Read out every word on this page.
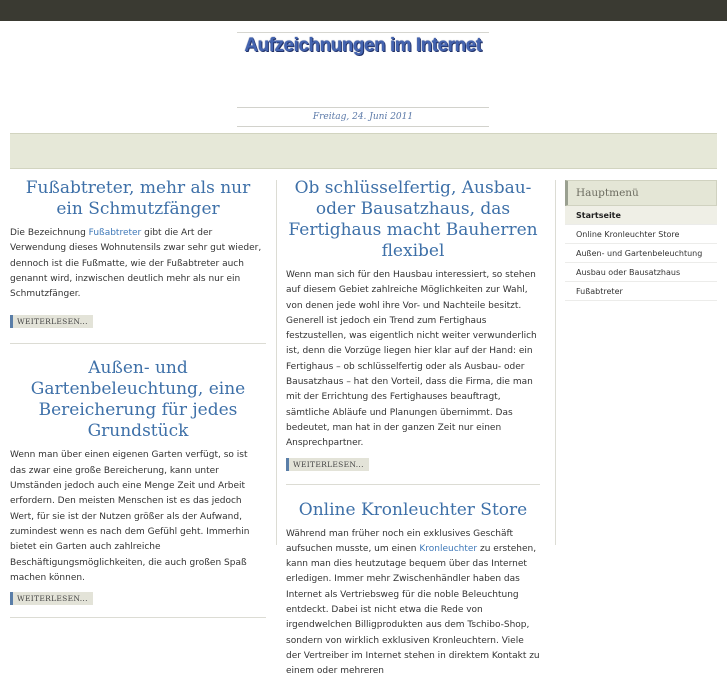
Aufzeichnungen im Internet
Freitag, 24. Juni 2011
Fußabtreter, mehr als nur ein Schmutzfänger

Die Bezeichnung Fußabtreter gibt die Art der Verwendung dieses Wohnutensils zwar sehr gut wieder, dennoch ist die Fußmatte, wie der Fußabtreter auch genannt wird, inzwischen deutlich mehr als nur ein Schmutzfänger.

WEITERLESEN...
Außen- und Gartenbeleuchtung, eine Bereicherung für jedes Grundstück

Wenn man über einen eigenen Garten verfügt, so ist das zwar eine große Bereicherung, kann unter Umständen jedoch auch eine Menge Zeit und Arbeit erfordern. Den meisten Menschen ist es das jedoch Wert, für sie ist der Nutzen größer als der Aufwand, zumindest wenn es nach dem Gefühl geht. Immerhin bietet ein Garten auch zahlreiche Beschäftigungsmöglichkeiten, die auch großen Spaß machen können.

WEITERLESEN...
Ob schlüsselfertig, Ausbau- oder Bausatzhaus, das Fertighaus macht Bauherren flexibel

Wenn man sich für den Hausbau interessiert, so stehen auf diesem Gebiet zahlreiche Möglichkeiten zur Wahl, von denen jede wohl ihre Vor- und Nachteile besitzt. Generell ist jedoch ein Trend zum Fertighaus festzustellen, was eigentlich nicht weiter verwunderlich ist, denn die Vorzüge liegen hier klar auf der Hand: ein Fertighaus – ob schlüsselfertig oder als Ausbau- oder Bausatzhaus – hat den Vorteil, dass die Firma, die man mit der Errichtung des Fertighauses beauftragt, sämtliche Abläufe und Planungen übernimmt. Das bedeutet, man hat in der ganzen Zeit nur einen Ansprechpartner.

WEITERLESEN...
Online Kronleuchter Store

Während man früher noch ein exklusives Geschäft aufsuchen musste, um einen Kronleuchter zu erstehen, kann man dies heutzutage bequem über das Internet erledigen. Immer mehr Zwischenhändler haben das Internet als Vertriebsweg für die noble Beleuchtung entdeckt. Dabei ist nicht etwa die Rede von irgendwelchen Billigprodukten aus dem Tschibo-Shop, sondern von wirklich exklusiven Kronleuchtern. Viele der Vertreiber im Internet stehen in direktem Kontakt zu einem oder mehreren

Hauptmenü
Startseite
Online Kronleuchter Store
Außen- und Gartenbeleuchtung
Ausbau oder Bausatzhaus
Fußabtreter
